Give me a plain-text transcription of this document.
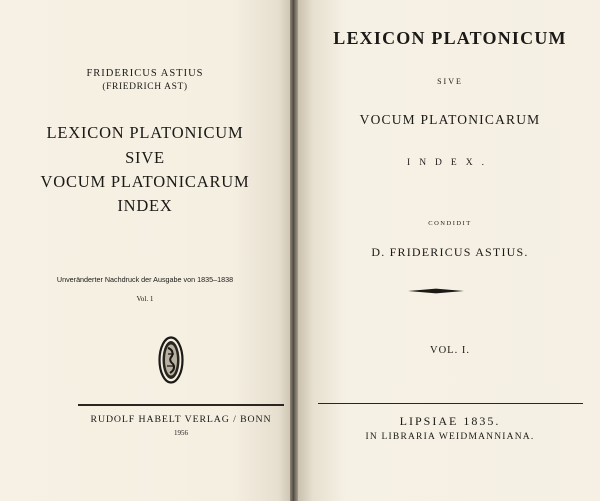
FRIDERICUS ASTIUS
(FRIEDRICH AST)
LEXICON PLATONICUM
SIVE
VOCUM PLATONICARUM
INDEX
Unveränderter Nachdruck der Ausgabe von 1835–1838
Vol. 1
RUDOLF HABELT VERLAG / BONN
1956
LEXICON PLATONICUM
SIVE
VOCUM PLATONICARUM
INDEX.
CONDIDIT
D. FRIDERICUS ASTIUS.
VOL. I.
LIPSIAE 1835.
IN LIBRARIA WEIDMANNIANA.
